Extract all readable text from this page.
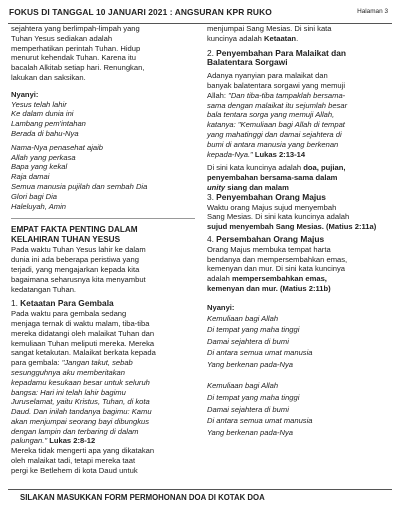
FOKUS DI TANGGAL 10 JANUARI 2021 : ANGSURAN KPR RUKO	Halaman 3

sejahtera yang berlimpah-limpah yang

Tuhan Yesus sediakan adalah

memperhatikan perintah Tuhan. Hidup

menurut kehendak Tuhan. Karena itu

bacalah Alkitab setiap hari. Renungkan,

lakukan dan saksikan.

Nyanyi:

Yesus telah lahir

Ke dalam dunia ini

Lambang pem'intahan

Berada di bahu-Nya

Nama-Nya penasehat ajaib

Allah yang perkasa

Bapa yang kekal

Raja damai

Semua manusia pujilah dan sembah Dia

Glori bagi Dia

Haleluyah, Amin

EMPAT FAKTA PENTING DALAM

KELAHIRAN TUHAN YESUS

Pada waktu Tuhan Yesus lahir ke dalam

dunia ini ada beberapa peristiwa yang

terjadi, yang mengajarkan kepada kita

bagaimana seharusnya kita menyambut

kedatangan Tuhan.

1. Ketaatan Para Gembala

Pada waktu para gembala sedang

menjaga ternak di waktu malam, tiba-tiba

mereka didatangi oleh malaikat Tuhan dan

kemuliaan Tuhan meliputi mereka. Mereka

sangat ketakutan. Malaikat berkata kepada

para gembala: "Jangan takut, sebab

sesungguhnya aku memberitakan

kepadamu kesukaan besar untuk seluruh

bangsa: Hari ini telah lahir bagimu

Juruselamat, yaitu Kristus, Tuhan, di kota

Daud. Dan inilah tandanya bagimu: Kamu

akan menjumpai seorang bayi dibungkus

dengan lampin dan terbaring di dalam

palungan." Lukas 2:8-12

Mereka tidak mengerti apa yang dikatakan

oleh malaikat tadi, tetapi mereka taat

pergi ke Betlehem di kota Daud untuk

menjumpai Sang Mesias. Di sini kata

kuncinya adalah Ketaatan.

2. Penyembahan Para Malaikat dan

Balatentara Sorgawi

Adanya nyanyian para malaikat dan

banyak balatentara sorgawi yang memuji

Allah: "Dan tiba-tiba tampaklah bersama-

sama dengan malaikat itu sejumlah besar

bala tentara sorga yang memuji Allah,

katanya: "Kemuliaan bagi Allah di tempat

yang mahatinggi dan damai sejahtera di

bumi di antara manusia yang berkenan

kepada-Nya." Lukas 2:13-14

Di sini kata kuncinya adalah doa, pujian,

penyembahan bersama-sama dalam

unity siang dan malam

3. Penyembahan Orang Majus

Waktu orang Majus sujud menyembah

Sang Mesias. Di sini kata kuncinya adalah

sujud menyembah Sang Mesias. (Matius 2:11a)

4. Persembahan Orang Majus

Orang Majus membuka tempat harta

bendanya dan mempersembahkan emas,

kemenyan dan mur. Di sini kata kuncinya

adalah mempersembahkan emas,

kemenyan dan mur. (Matius 2:11b)

Nyanyi:

Kemuliaan bagi Allah

Di tempat yang maha tinggi

Damai sejahtera di bumi

Di antara semua umat manusia

Yang berkenan pada-Nya

Kemuliaan bagi Allah

Di tempat yang maha tinggi

Damai sejahtera di bumi

Di antara semua umat manusia

Yang berkenan pada-Nya

SILAKAN MASUKKAN FORM PERMOHONAN DOA DI KOTAK DOA
